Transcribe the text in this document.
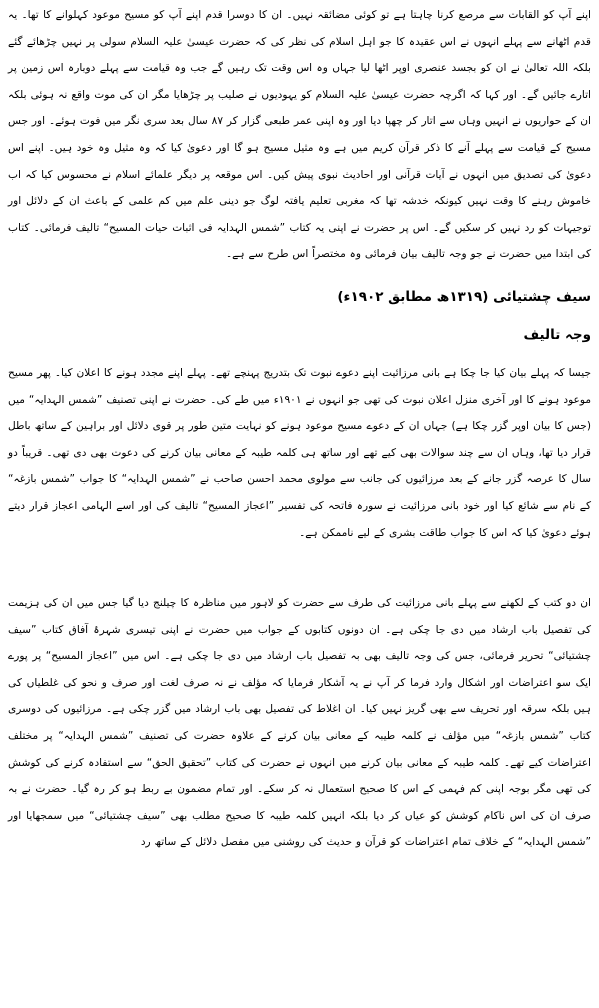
اپنے آپ کو القابات سے مرصع کرنا چاہتا ہے تو کوئی مضائقہ نہیں۔ ان کا دوسرا قدم اپنے آپ کو مسیح موعود کہلوانے کا تھا۔ یہ قدم اٹھانے سے پہلے انہوں نے اس عقیدہ کا جو اہل اسلام کی نظر کی کہ حضرت عیسیٰ علیہ السلام سولی پر نہیں چڑھائے گئے بلکہ اللہ تعالیٰ نے ان کو بجسد عنصری اوپر اٹھا لیا جہاں وہ اس وقت تک رہیں گے جب وہ قیامت سے پہلے دوبارہ اس زمین پر اتارے جائیں گے۔ اور کہا کہ اگرچہ حضرت عیسیٰ علیہ السلام کو یہودیوں نے صلیب پر چڑھایا مگر ان کی موت واقع نہ ہوئی بلکہ ان کے حواریوں نے انہیں وہاں سے اتار کر چھپا دیا اور وہ اپنی عمر طبعی گزار کر ۸۷ سال بعد سری نگر میں فوت ہوئے۔ اور جس مسیح کے قیامت سے پہلے آنے کا ذکر قرآن کریم میں ہے وہ مثیل مسیح ہو گا اور دعویٰ کیا کہ وہ مثیل وہ خود ہیں۔ اپنے اس دعویٰ کی تصدیق میں انہوں نے آیات قرآنی اور احادیث نبوی پیش کیں۔ اس موقعہ پر دیگر علمائے اسلام نے محسوس کیا کہ اب خاموش رہنے کا وقت نہیں کیونکہ خدشہ تھا کہ مغربی تعلیم یافتہ لوگ جو دینی علم میں کم علمی کے باعث ان کے دلائل اور توجیہات کو رد نہیں کر سکیں گے۔ اس پر حضرت نے اپنی یہ کتاب ”شمس الہدایہ فی اثبات حیات المسیح“ تالیف فرمائی۔ کتاب کی ابتدا میں حضرت نے جو وجہ تالیف بیان فرمائی وہ مختصراً اس طرح سے ہے۔

سیف چشتیائی (۱۳۱۹ھ مطابق ۱۹۰۲ء)
وجہ تالیف

جیسا کہ پہلے بیان کیا جا چکا ہے بانی مرزائیت اپنے دعوے نبوت تک بتدریج پہنچے تھے۔ پہلے اپنے مجدد ہونے کا اعلان کیا۔ پھر مسیح موعود ہونے کا اور آخری منزل اعلان نبوت کی تھی جو انہوں نے ۱۹۰۱ء میں طے کی۔ حضرت نے اپنی تصنیف ”شمس الہدایہ“ میں (جس کا بیان اوپر گزر چکا ہے) جہاں ان کے دعوے مسیح موعود ہونے کو نہایت متین طور پر قوی دلائل اور براہین کے ساتھ باطل قرار دیا تھا، وہاں ان سے چند سوالات بھی کیے تھے اور ساتھ ہی کلمہ طیبہ کے معانی بیان کرنے کی دعوت بھی دی تھی۔ قریباً دو سال کا عرصہ گزر جانے کے بعد مرزائیوں کی جانب سے مولوی محمد احسن صاحب نے ”شمس الہدایہ“ کا جواب ”شمس بازغہ“ کے نام سے شائع کیا اور خود بانی مرزائیت نے سورہ فاتحہ کی تفسیر ”اعجاز المسیح“ تالیف کی اور اسے الہامی اعجاز قرار دیتے ہوئے دعویٰ کیا کہ اس کا جواب طاقت بشری کے لیے ناممکن ہے۔

ان دو کتب کے لکھنے سے پہلے بانی مرزائیت کی طرف سے حضرت کو لاہور میں مناظرہ کا چیلنج دیا گیا جس میں ان کی ہزیمت کی تفصیل باب ارشاد میں دی جا چکی ہے۔ ان دونوں کتابوں کے جواب میں حضرت نے اپنی تیسری شہرۂ آفاق کتاب ”سیف چشتیائی“ تحریر فرمائی، جس کی وجہ تالیف بھی بہ تفصیل باب ارشاد میں دی جا چکی ہے۔ اس میں ”اعجاز المسیح“ پر پورے ایک سو اعتراضات اور اشکال وارد فرما کر آپ نے یہ آشکار فرمایا کہ مؤلف نے نہ صرف لغت اور صرف و نحو کی غلطیاں کی ہیں بلکہ سرقہ اور تحریف سے بھی گریز نہیں کیا۔ ان اغلاط کی تفصیل بھی باب ارشاد میں گزر چکی ہے۔ مرزائیوں کی دوسری کتاب ”شمس بازغہ“ میں مؤلف نے کلمہ طیبہ کے معانی بیان کرنے کے علاوہ حضرت کی تصنیف ”شمس الہدایہ“ پر مختلف اعتراضات کیے تھے۔ کلمہ طیبہ کے معانی بیان کرنے میں انہوں نے حضرت کی کتاب ”تحقیق الحق“ سے استفادہ کرنے کی کوشش کی تھی مگر بوجہ اپنی کم فہمی کے اس کا صحیح استعمال نہ کر سکے۔ اور تمام مضمون بے ربط ہو کر رہ گیا۔ حضرت نے بہ صرف ان کی اس ناکام کوشش کو عیاں کر دیا بلکہ انہیں کلمہ طیبہ کا صحیح مطلب بھی ”سیف چشتیائی“ میں سمجھایا اور ”شمس الہدایہ“ کے خلاف تمام اعتراضات کو قرآن و حدیث کی روشنی میں مفصل دلائل کے ساتھ رد
